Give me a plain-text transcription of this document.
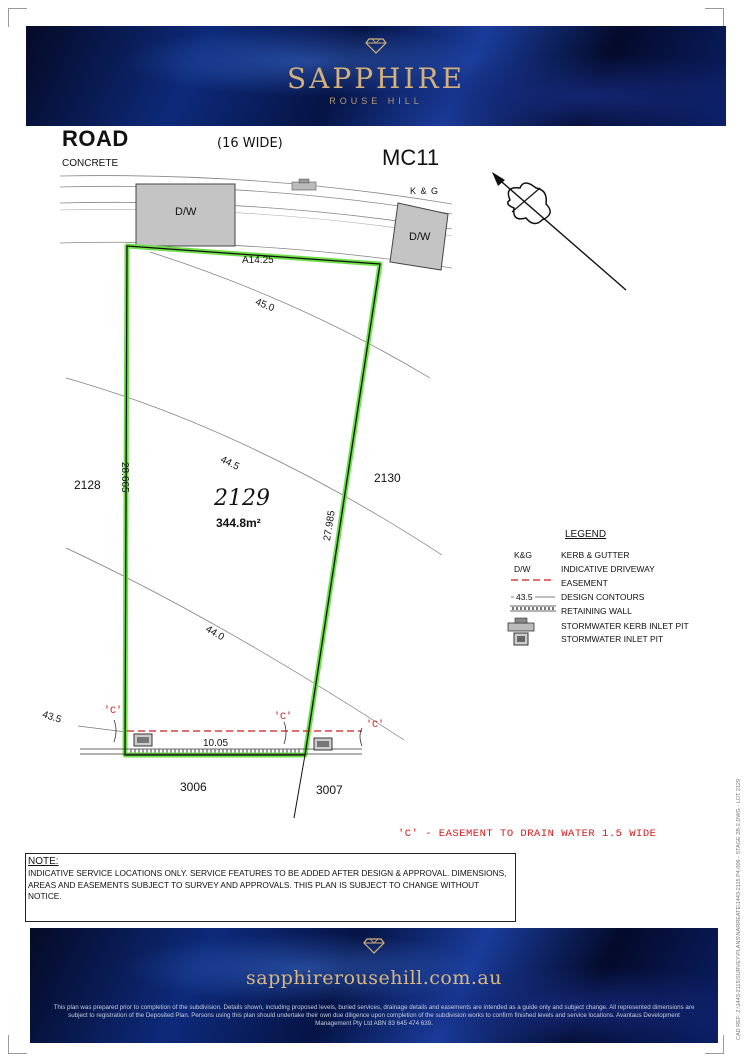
SAPPHIRE
ROUSE HILL
ROAD	(16 WIDE)
MC11
CONCRETE
K & G
D/W
D/W
A14.25
28.665
27.985
10.05
45.0
44.5
44.0
43.5
2128	2130
3006	3007
2129
344.8m²
'C'
'C'
'C'
'C' - EASEMENT TO DRAIN WATER 1.5 WIDE
LEGEND
K&G	KERB & GUTTER
D/W	INDICATIVE DRIVEWAY
EASEMENT
43.5	DESIGN CONTOURS
RETAINING WALL
STORMWATER KERB INLET PIT
STORMWATER INLET PIT
NOTE:
INDICATIVE SERVICE LOCATIONS ONLY. SERVICE FEATURES TO BE ADDED AFTER DESIGN & APPROVAL. DIMENSIONS, AREAS AND EASEMENTS SUBJECT TO SURVEY AND APPROVALS. THIS PLAN IS SUBJECT TO CHANGE WITHOUT NOTICE.	CAD REF: Z:\1443-2115\SURVEY\PLANS\NARREATE\1443-2115 P4.006 - STAGE 2B-2.DWG - LOT 2129
sapphirerousehill.com.au
This plan was prepared prior to completion of the subdivision. Details shown, including proposed levels, buried services, drainage details and easements are intended as a guide only and subject change. All represented dimensions are subject to registration of the Deposited Plan. Persons using this plan should undertake their own due diligence upon completion of the subdivision works to confirm finished levels and service locations. Avantaus Development Management Pty Ltd ABN 83 645 474 639.
